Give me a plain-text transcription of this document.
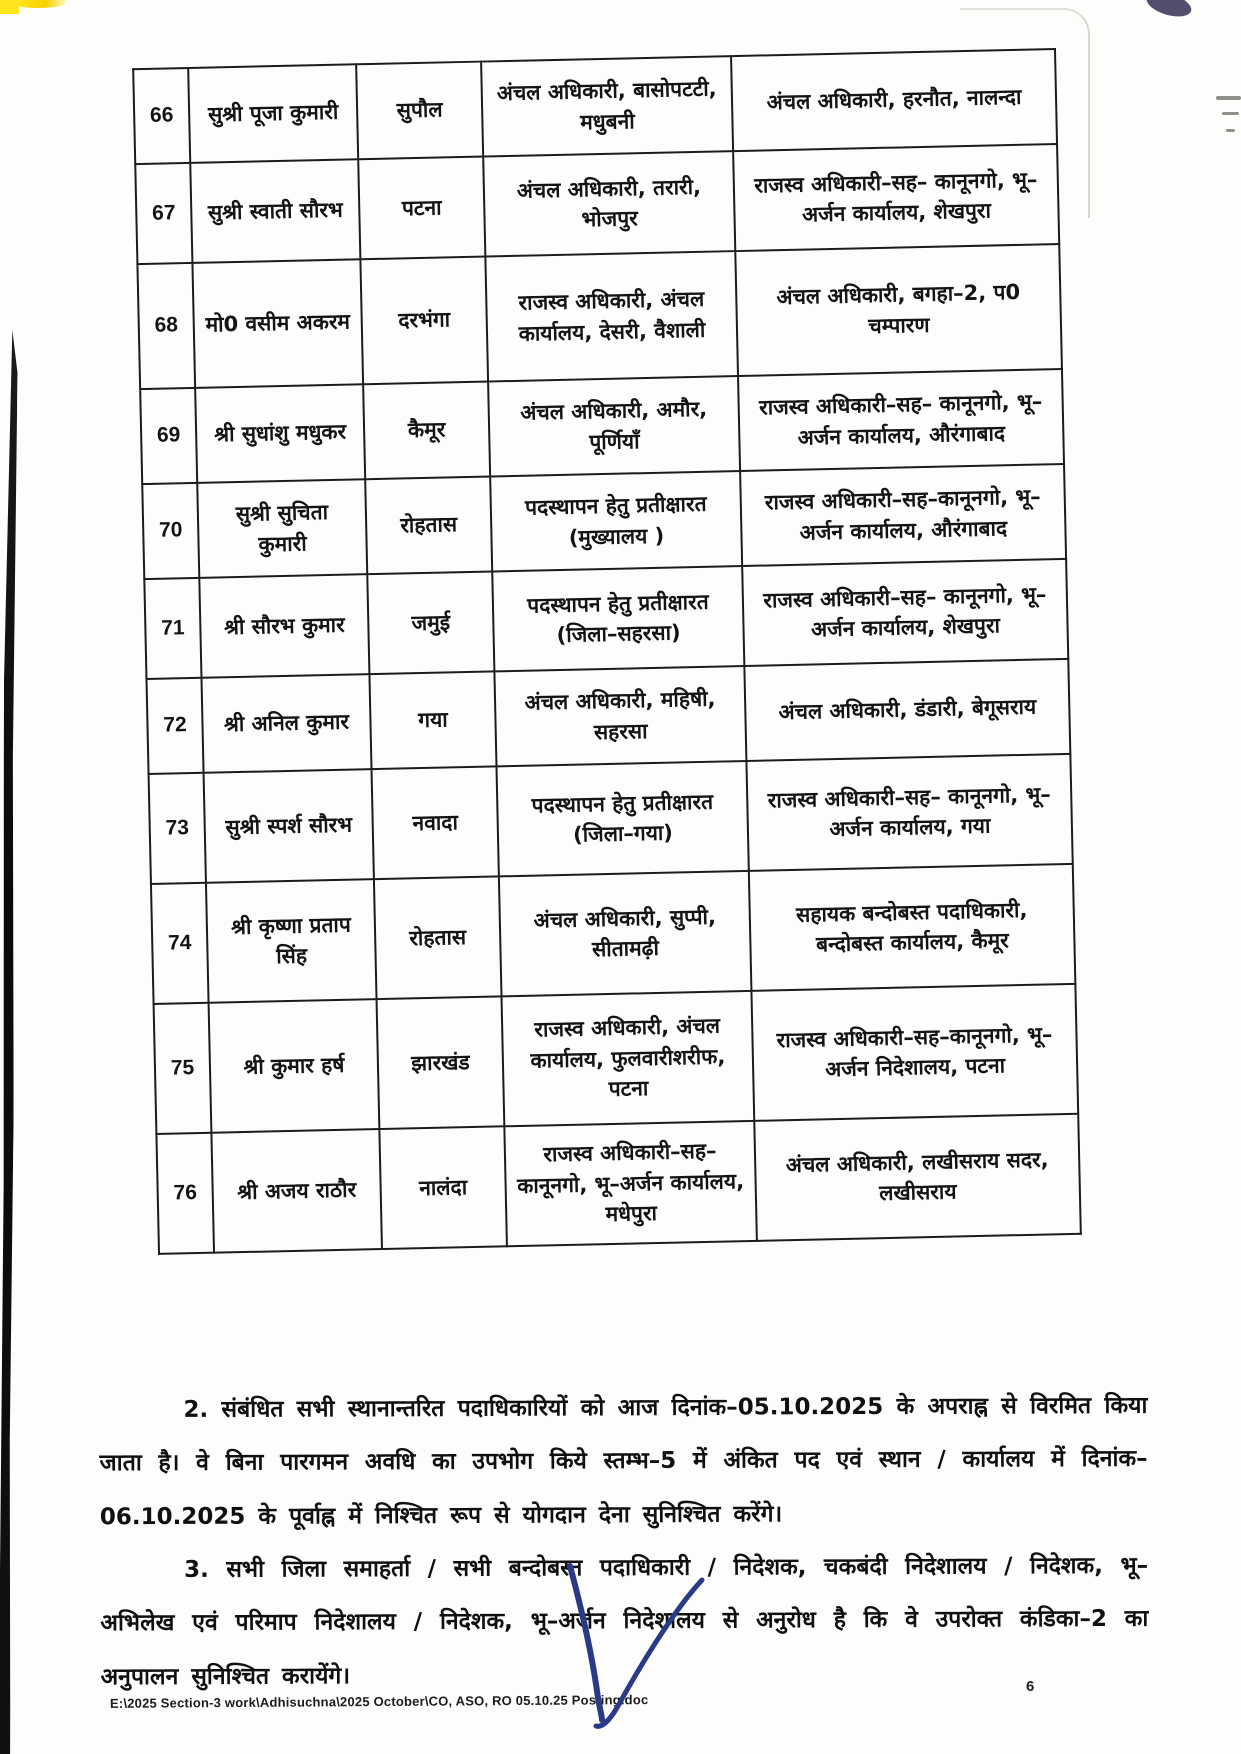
66	सुश्री पूजा कुमारी	सुपौल	अंचल अधिकारी, बासोपटटी, मधुबनी	अंचल अधिकारी, हरनौत, नालन्दा
67	सुश्री स्वाती सौरभ	पटना	अंचल अधिकारी, तरारी, भोजपुर	राजस्व अधिकारी–सह– कानूनगो, भू–अर्जन कार्यालय, शेखपुरा
68	मो0 वसीम अकरम	दरभंगा	राजस्व अधिकारी, अंचल कार्यालय, देसरी, वैशाली	अंचल अधिकारी, बगहा–2, प0 चम्पारण
69	श्री सुधांशु मधुकर	कैमूर	अंचल अधिकारी, अमौर, पूर्णियाँ	राजस्व अधिकारी–सह– कानूनगो, भू–अर्जन कार्यालय, औरंगाबाद
70	सुश्री सुचिता कुमारी	रोहतास	पदस्थापन हेतु प्रतीक्षारत (मुख्यालय )	राजस्व अधिकारी–सह–कानूनगो, भू–अर्जन कार्यालय, औरंगाबाद
71	श्री सौरभ कुमार	जमुई	पदस्थापन हेतु प्रतीक्षारत (जिला–सहरसा)	राजस्व अधिकारी–सह– कानूनगो, भू–अर्जन कार्यालय, शेखपुरा
72	श्री अनिल कुमार	गया	अंचल अधिकारी, महिषी, सहरसा	अंचल अधिकारी, डंडारी, बेगूसराय
73	सुश्री स्पर्श सौरभ	नवादा	पदस्थापन हेतु प्रतीक्षारत (जिला–गया)	राजस्व अधिकारी–सह– कानूनगो, भू–अर्जन कार्यालय, गया
74	श्री कृष्णा प्रताप सिंह	रोहतास	अंचल अधिकारी, सुप्पी, सीतामढ़ी	सहायक बन्दोबस्त पदाधिकारी, बन्दोबस्त कार्यालय, कैमूर
75	श्री कुमार हर्ष	झारखंड	राजस्व अधिकारी, अंचल कार्यालय, फुलवारीशरीफ, पटना	राजस्व अधिकारी–सह–कानूनगो, भू–अर्जन निदेशालय, पटना
76	श्री अजय राठौर	नालंदा	राजस्व अधिकारी–सह– कानूनगो, भू–अर्जन कार्यालय, मधेपुरा	अंचल अधिकारी, लखीसराय सदर, लखीसराय

2. संबंधित सभी स्थानान्तरित पदाधिकारियों को आज दिनांक–05.10.2025 के अपराह्न से विरमित किया जाता है। वे बिना पारगमन अवधि का उपभोग किये स्तम्भ–5 में अंकित पद एवं स्थान / कार्यालय में दिनांक–06.10.2025 के पूर्वाह्न में निश्चित रूप से योगदान देना सुनिश्चित करेंगे।

3. सभी जिला समाहर्ता / सभी बन्दोबस्त पदाधिकारी / निदेशक, चकबंदी निदेशालय / निदेशक, भू–अभिलेख एवं परिमाप निदेशालय / निदेशक, भू–अर्जन निदेशालय से अनुरोध है कि वे उपरोक्त कंडिका–2 का अनुपालन सुनिश्चित करायेंगे।

E:\2025 Section-3 work\Adhisuchna\2025 October\CO, ASO, RO 05.10.25 Posting.doc
6
